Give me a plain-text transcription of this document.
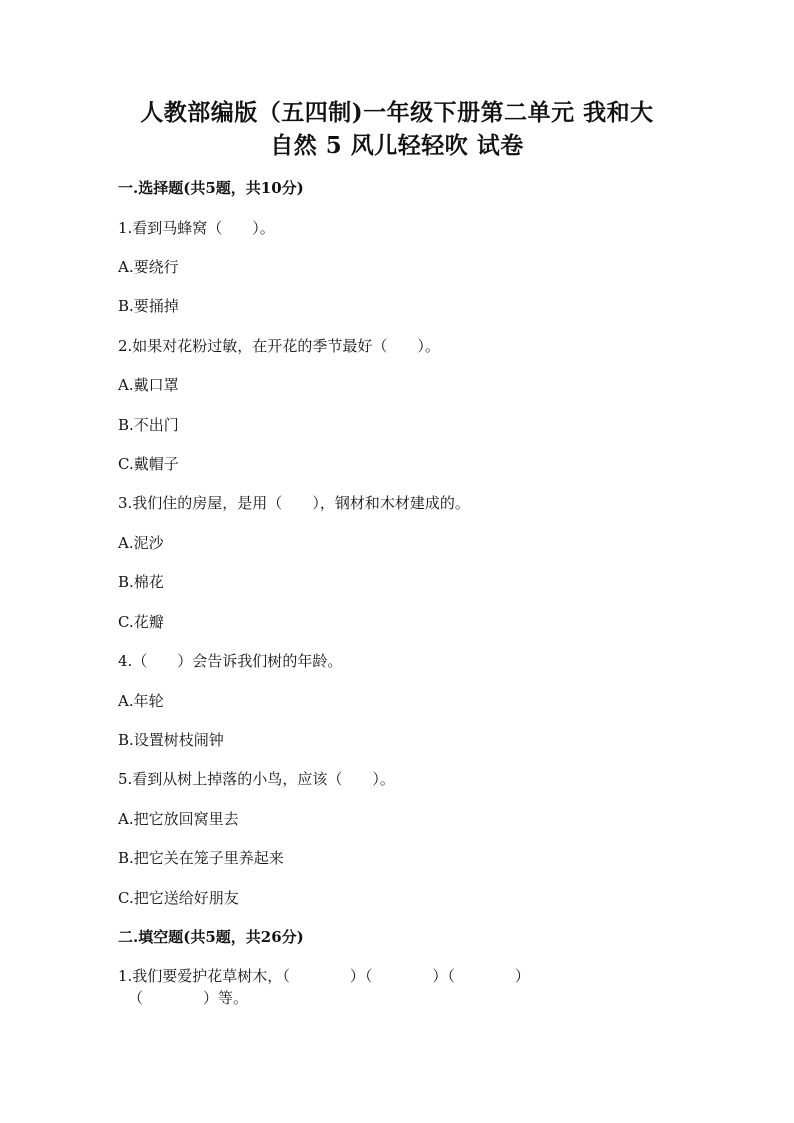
人教部编版（五四制)一年级下册第二单元 我和大
自然 5 风儿轻轻吹 试卷
一.选择题(共5题，共10分)
1.看到马蜂窝（　　）。
A.要绕行
B.要捅掉
2.如果对花粉过敏，在开花的季节最好（　　）。
A.戴口罩
B.不出门
C.戴帽子
3.我们住的房屋，是用（　　），钢材和木材建成的。
A.泥沙
B.棉花
C.花瓣
4.（　　）会告诉我们树的年龄。
A.年轮
B.设置树枝闹钟
5.看到从树上掉落的小鸟，应该（　　）。
A.把它放回窝里去
B.把它关在笼子里养起来
C.把它送给好朋友
二.填空题(共5题，共26分)
1.我们要爱护花草树木，（　　　　）（　　　　）（　　　　）
（　　　　）等。
